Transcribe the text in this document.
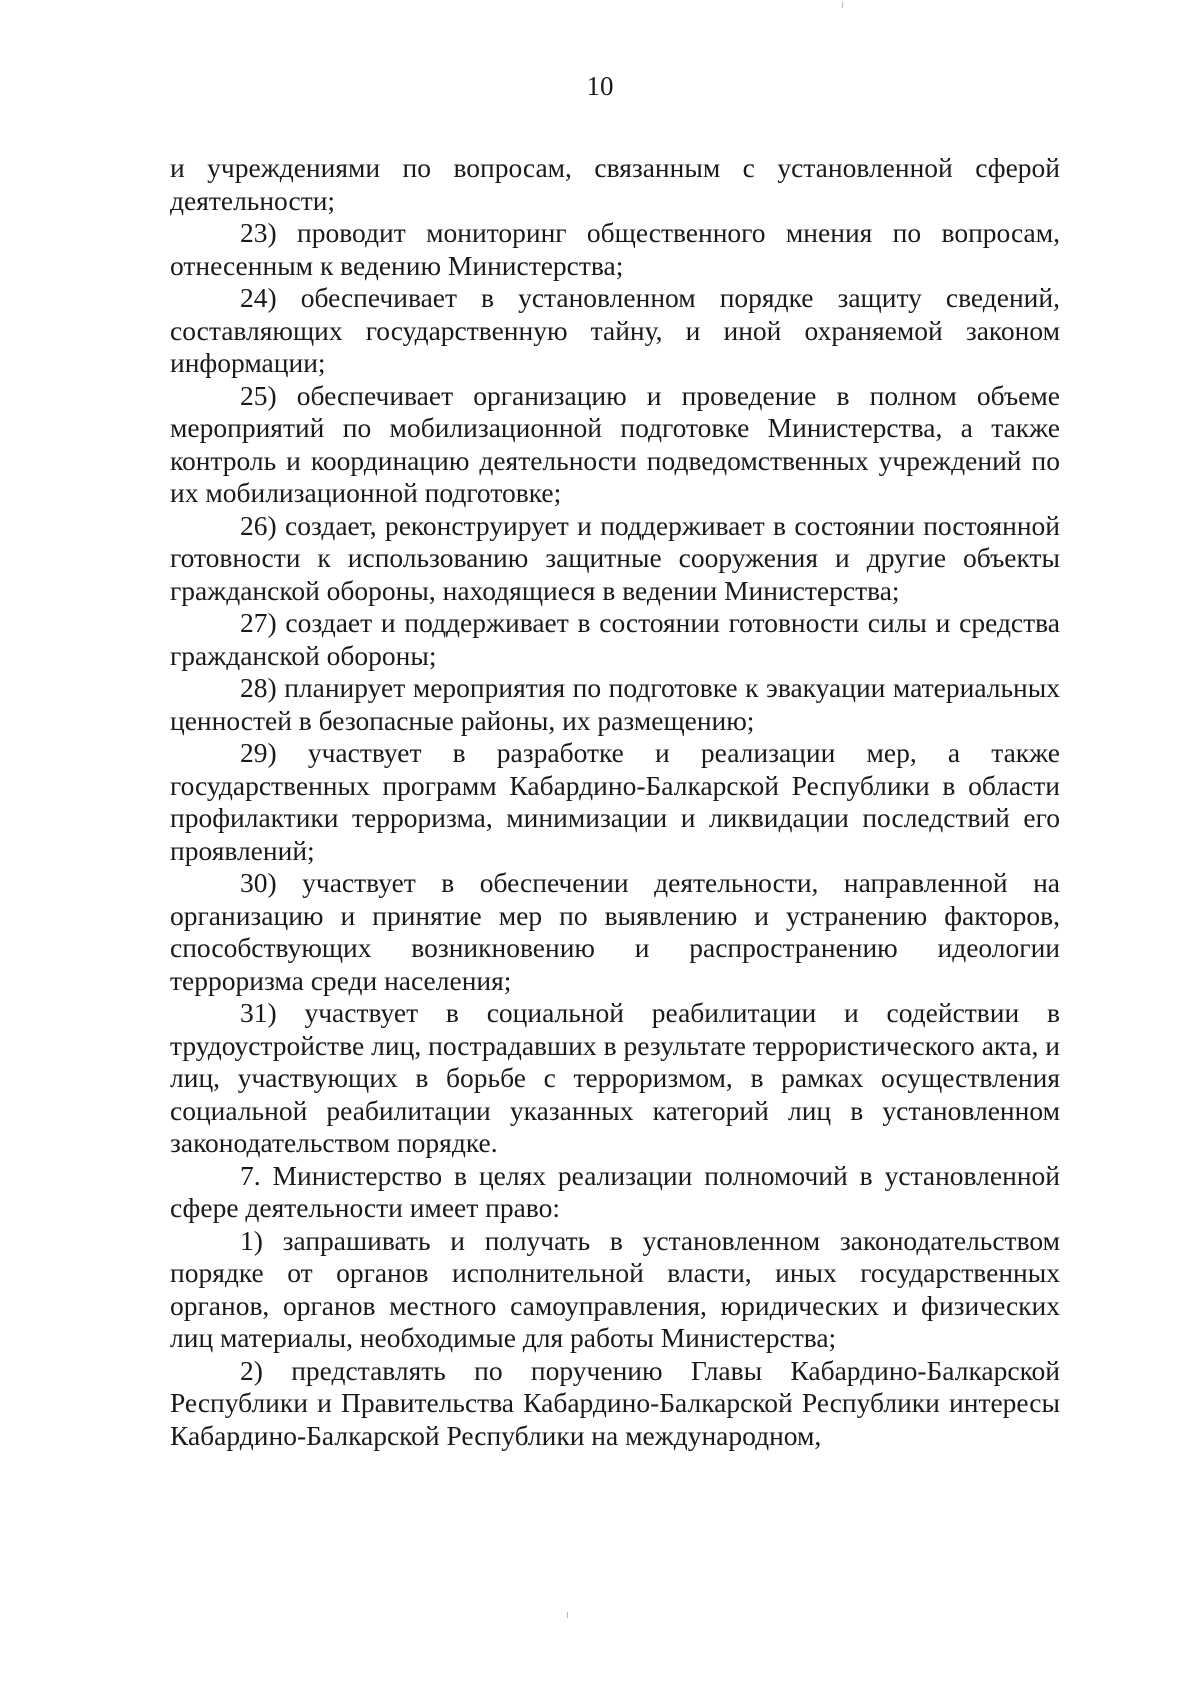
10

и учреждениями по вопросам, связанным с установленной сферой деятельности;

23) проводит мониторинг общественного мнения по вопросам, отнесенным к ведению Министерства;

24) обеспечивает в установленном порядке защиту сведений, составляющих государственную тайну, и иной охраняемой законом информации;

25) обеспечивает организацию и проведение в полном объеме мероприятий по мобилизационной подготовке Министерства, а также контроль и координацию деятельности подведомственных учреждений по их мобилизационной подготовке;

26) создает, реконструирует и поддерживает в состоянии постоянной готовности к использованию защитные сооружения и другие объекты гражданской обороны, находящиеся в ведении Министерства;

27) создает и поддерживает в состоянии готовности силы и средства гражданской обороны;

28) планирует мероприятия по подготовке к эвакуации материальных ценностей в безопасные районы, их размещению;

29) участвует в разработке и реализации мер, а также государственных программ Кабардино-Балкарской Республики в области профилактики терроризма, минимизации и ликвидации последствий его проявлений;

30) участвует в обеспечении деятельности, направленной на организацию и принятие мер по выявлению и устранению факторов, способствующих возникновению и распространению идеологии терроризма среди населения;

31) участвует в социальной реабилитации и содействии в трудоустройстве лиц, пострадавших в результате террористического акта, и лиц, участвующих в борьбе с терроризмом, в рамках осуществления социальной реабилитации указанных категорий лиц в установленном законодательством порядке.

7. Министерство в целях реализации полномочий в установленной сфере деятельности имеет право:

1) запрашивать и получать в установленном законодательством порядке от органов исполнительной власти, иных государственных органов, органов местного самоуправления, юридических и физических лиц материалы, необходимые для работы Министерства;

2) представлять по поручению Главы Кабардино-Балкарской Республики и Правительства Кабардино-Балкарской Республики интересы Кабардино-Балкарской Республики на международном,
